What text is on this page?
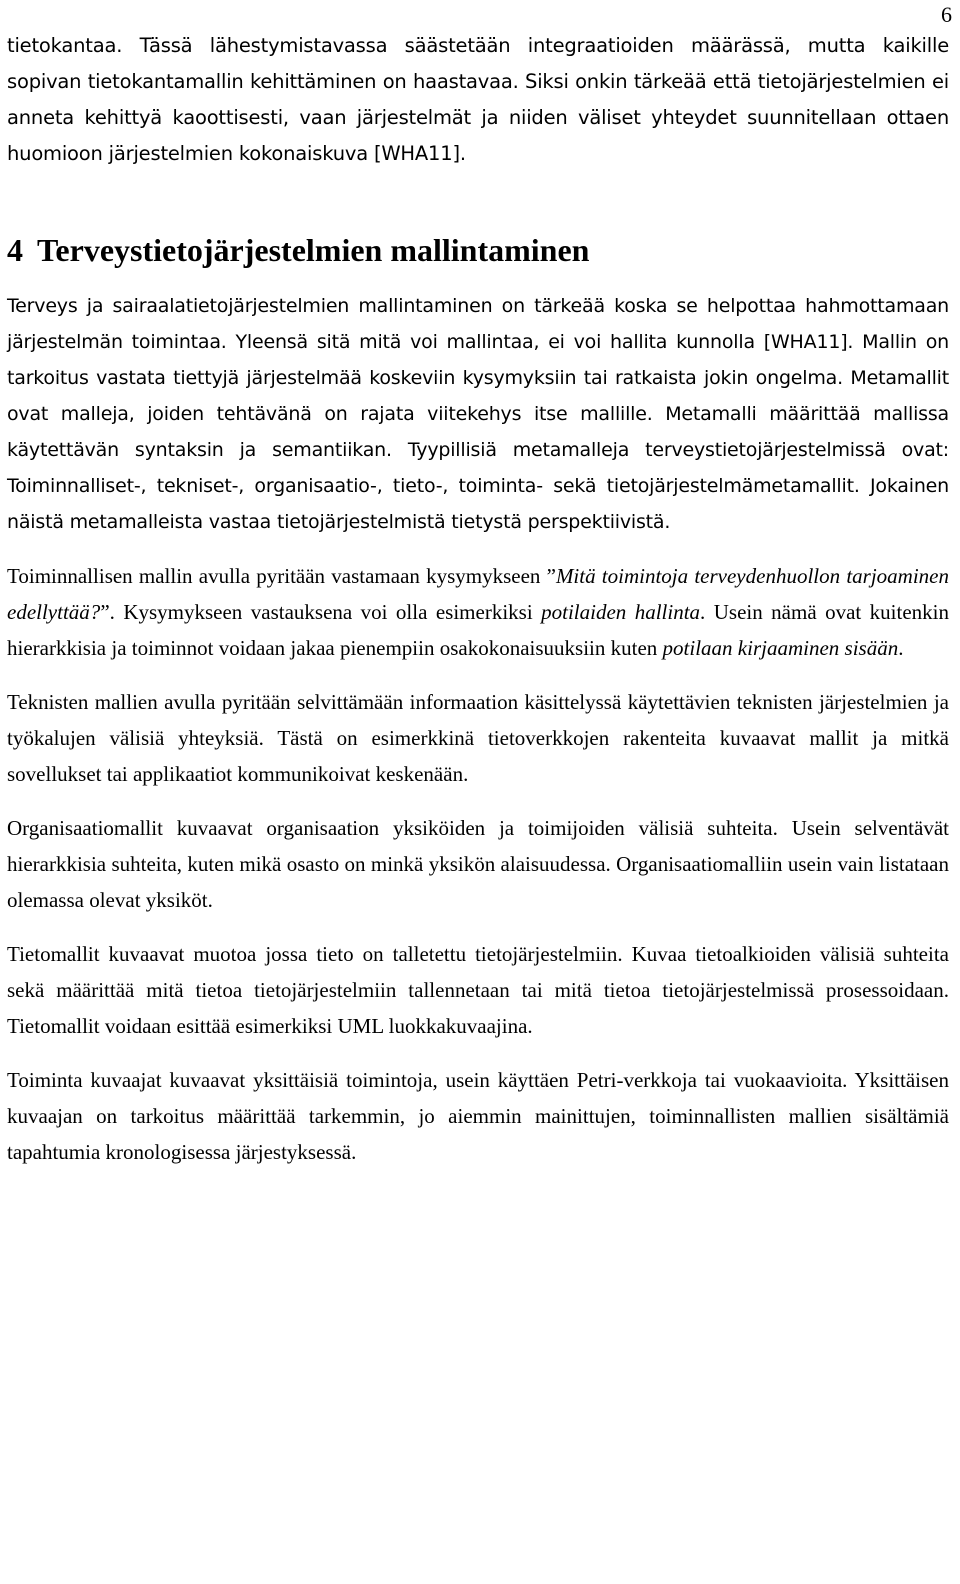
6

tietokantaa. Tässä lähestymistavassa säästetään integraatioiden määrässä, mutta kaikille sopivan tietokantamallin kehittäminen on haastavaa. Siksi onkin tärkeää että tietojärjestelmien ei anneta kehittyä kaoottisesti, vaan järjestelmät ja niiden väliset yhteydet suunnitellaan ottaen huomioon järjestelmien kokonaiskuva [WHA11].

4 Terveystietojärjestelmien mallintaminen

Terveys ja sairaalatietojärjestelmien mallintaminen on tärkeää koska se helpottaa hahmottamaan järjestelmän toimintaa. Yleensä sitä mitä voi mallintaa, ei voi hallita kunnolla [WHA11]. Mallin on tarkoitus vastata tiettyjä järjestelmää koskeviin kysymyksiin tai ratkaista jokin ongelma. Metamallit ovat malleja, joiden tehtävänä on rajata viitekehys itse mallille. Metamalli määrittää mallissa käytettävän syntaksin ja semantiikan. Tyypillisiä metamalleja terveystietojärjestelmissä ovat: Toiminnalliset-, tekniset-, organisaatio-, tieto-, toiminta- sekä tietojärjestelmämetamallit. Jokainen näistä metamalleista vastaa tietojärjestelmistä tietystä perspektiivistä.

Toiminnallisen mallin avulla pyritään vastamaan kysymykseen ”Mitä toimintoja terveydenhuollon tarjoaminen edellyttää?”. Kysymykseen vastauksena voi olla esimerkiksi potilaiden hallinta. Usein nämä ovat kuitenkin hierarkkisia ja toiminnot voidaan jakaa pienempiin osakokonaisuuksiin kuten potilaan kirjaaminen sisään.

Teknisten mallien avulla pyritään selvittämään informaation käsittelyssä käytettävien teknisten järjestelmien ja työkalujen välisiä yhteyksiä. Tästä on esimerkkinä tietoverkkojen rakenteita kuvaavat mallit ja mitkä sovellukset tai applikaatiot kommunikoivat keskenään.

Organisaatiomallit kuvaavat organisaation yksiköiden ja toimijoiden välisiä suhteita. Usein selventävät hierarkkisia suhteita, kuten mikä osasto on minkä yksikön alaisuudessa. Organisaatiomalliin usein vain listataan olemassa olevat yksiköt.

Tietomallit kuvaavat muotoa jossa tieto on talletettu tietojärjestelmiin. Kuvaa tietoalkioiden välisiä suhteita sekä määrittää mitä tietoa tietojärjestelmiin tallennetaan tai mitä tietoa tietojärjestelmissä prosessoidaan. Tietomallit voidaan esittää esimerkiksi UML luokkakuvaajina.

Toiminta kuvaajat kuvaavat yksittäisiä toimintoja, usein käyttäen Petri-verkkoja tai vuokaavioita. Yksittäisen kuvaajan on tarkoitus määrittää tarkemmin, jo aiemmin mainittujen, toiminnallisten mallien sisältämiä tapahtumia kronologisessa järjestyksessä.
